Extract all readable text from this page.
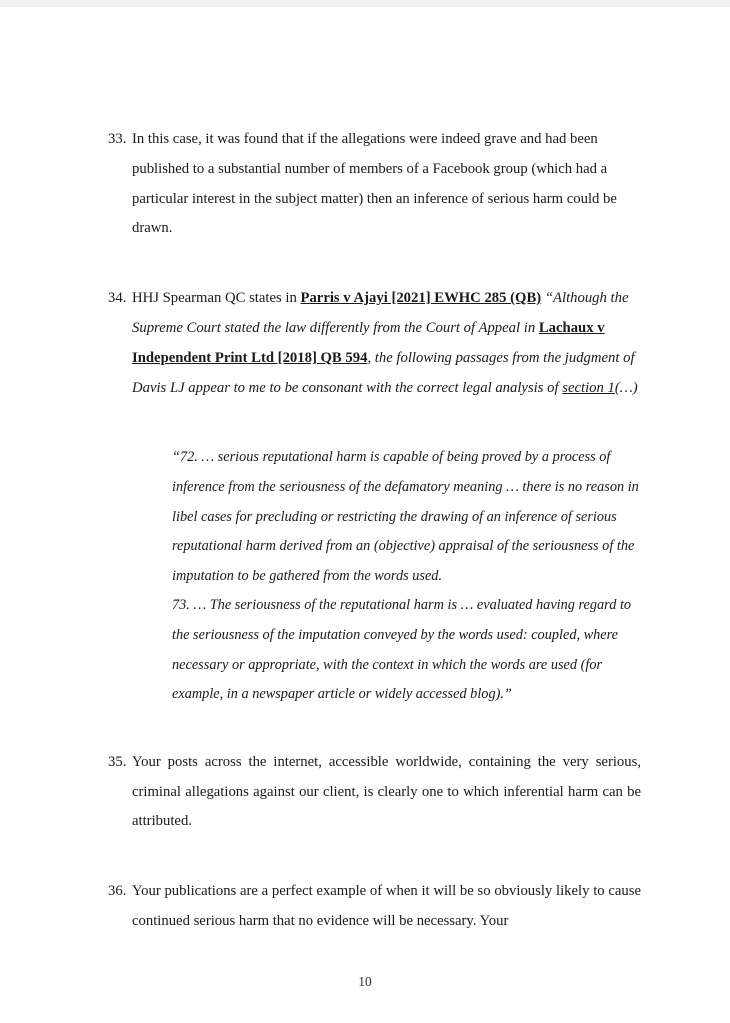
33. In this case, it was found that if the allegations were indeed grave and had been published to a substantial number of members of a Facebook group (which had a particular interest in the subject matter) then an inference of serious harm could be drawn.
34. HHJ Spearman QC states in Parris v Ajayi [2021] EWHC 285 (QB) “Although the Supreme Court stated the law differently from the Court of Appeal in Lachaux v Independent Print Ltd [2018] QB 594, the following passages from the judgment of Davis LJ appear to me to be consonant with the correct legal analysis of section 1(…)

“72. … serious reputational harm is capable of being proved by a process of inference from the seriousness of the defamatory meaning … there is no reason in libel cases for precluding or restricting the drawing of an inference of serious reputational harm derived from an (objective) appraisal of the seriousness of the imputation to be gathered from the words used.

73. … The seriousness of the reputational harm is … evaluated having regard to the seriousness of the imputation conveyed by the words used: coupled, where necessary or appropriate, with the context in which the words are used (for example, in a newspaper article or widely accessed blog).”

35. Your posts across the internet, accessible worldwide, containing the very serious, criminal allegations against our client, is clearly one to which inferential harm can be attributed.
36. Your publications are a perfect example of when it will be so obviously likely to cause continued serious harm that no evidence will be necessary. Your
10
